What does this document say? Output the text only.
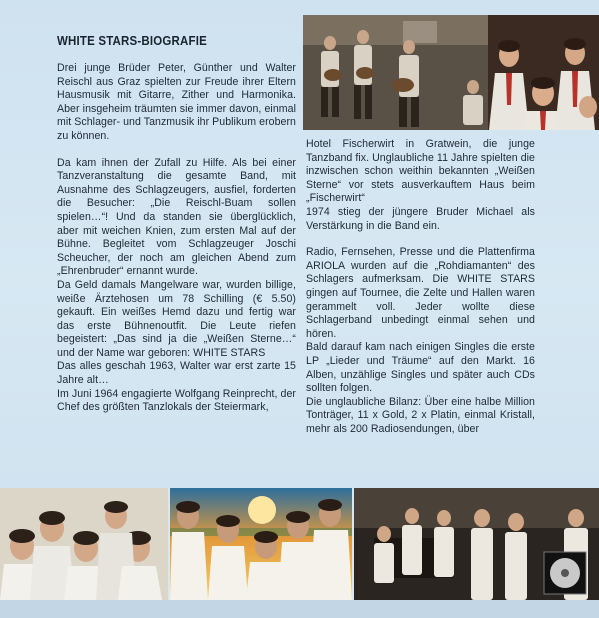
WHITE STARS-BIOGRAFIE

Drei junge Brüder Peter, Günther und Walter Reischl aus Graz spielten zur Freude ihrer Eltern Hausmusik mit Gitarre, Zither und Harmonika. Aber insgeheim träumten sie immer davon, einmal mit Schlager- und Tanzmusik ihr Publikum erobern zu können.

Da kam ihnen der Zufall zu Hilfe. Als bei einer Tanzveranstaltung die gesamte Band, mit Ausnahme des Schlagzeugers, ausfiel, forderten die Besucher: „Die Reischl-Buam sollen spielen…“! Und da standen sie überglücklich, aber mit weichen Knien, zum ersten Mal auf der Bühne. Begleitet vom Schlagzeuger Joschi Scheucher, der noch am gleichen Abend zum „Ehrenbruder“ ernannt wurde.

Da Geld damals Mangelware war, wurden billige, weiße Ärztehosen um 78 Schilling (€ 5.50) gekauft. Ein weißes Hemd dazu und fertig war das erste Bühnenoutfit. Die Leute riefen begeistert: „Das sind ja die „Weißen Sterne…“ und der Name war geboren: WHITE STARS

Das alles geschah 1963, Walter war erst zarte 15 Jahre alt…

Im Juni 1964 engagierte Wolfgang Reinprecht, der Chef des größten Tanzlokals der Steiermark,

Hotel Fischerwirt in Gratwein, die junge Tanzband fix. Unglaubliche 11 Jahre spielten die inzwischen schon weithin bekannten „Weißen Sterne“ vor stets ausverkauftem Haus beim „Fischerwirt“

1974 stieg der jüngere Bruder Michael als Verstärkung in die Band ein.

Radio, Fernsehen, Presse und die Plattenfirma ARIOLA wurden auf die „Rohdiamanten“ des Schlagers aufmerksam. Die WHITE STARS gingen auf Tournee, die Zelte und Hallen waren gerammelt voll. Jeder wollte diese Schlagerband unbedingt einmal sehen und hören.

Bald darauf kam nach einigen Singles die erste LP „Lieder und Träume“ auf den Markt. 16 Alben, unzählige Singles und später auch CDs sollten folgen.

Die unglaubliche Bilanz: Über eine halbe Million Tonträger, 11 x Gold, 2 x Platin, einmal Kristall, mehr als 200 Radiosendungen, über
